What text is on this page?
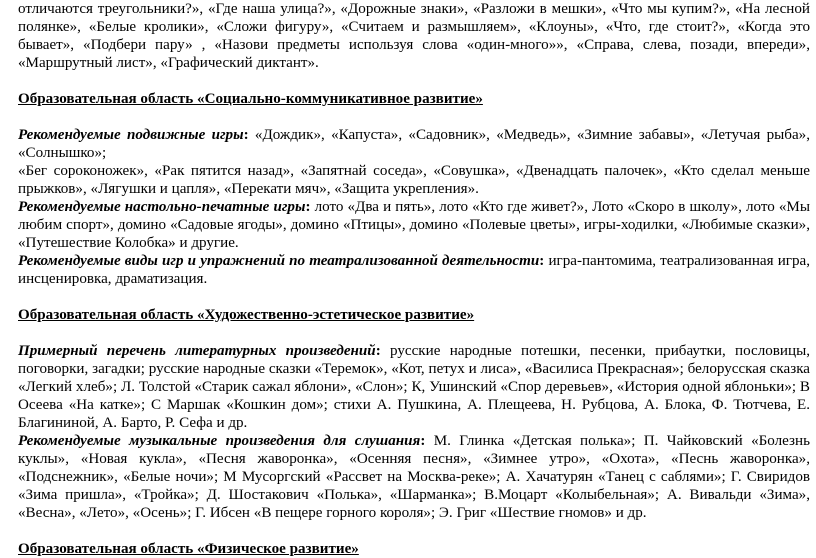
отличаются треугольники?», «Где наша улица?», «Дорожные знаки», «Разложи в мешки», «Что мы купим?», «На лесной полянке», «Белые кролики», «Сложи фигуру», «Считаем и размышляем», «Клоуны», «Что, где стоит?», «Когда это бывает», «Подбери пару» , «Назови предметы используя слова «один-много»», «Справа, слева, позади, впереди», «Маршрутный лист», «Графический диктант».

Образовательная область «Социально-коммуникативное развитие»

Рекомендуемые подвижные игры: «Дождик», «Капуста», «Садовник», «Медведь», «Зимние забавы», «Летучая рыба», «Солнышко»;

«Бег сороконожек», «Рак пятится назад», «Запятнай соседа», «Совушка», «Двенадцать палочек», «Кто сделал меньше прыжков», «Лягушки и цапля», «Перекати мяч», «Защита укрепления».

Рекомендуемые настольно-печатные игры: лото «Два и пять», лото «Кто где живет?», Лото «Скоро в школу», лото «Мы любим спорт», домино «Садовые ягоды», домино «Птицы», домино «Полевые цветы», игры-ходилки, «Любимые сказки», «Путешествие Колобка» и другие.

Рекомендуемые виды игр и упражнений по театрализованной деятельности: игра-пантомима, театрализованная игра, инсценировка, драматизация.

Образовательная область «Художественно-эстетическое развитие»

Примерный перечень литературных произведений: русские народные потешки, песенки, прибаутки, пословицы, поговорки, загадки; русские народные сказки «Теремок», «Кот, петух и лиса», «Василиса Прекрасная»; белорусская сказка «Легкий хлеб»; Л. Толстой «Старик сажал яблони», «Слон»; К, Ушинский «Спор деревьев», «История одной яблоньки»; В Осеева «На катке»; С Маршак «Кошкин дом»; стихи А. Пушкина, А. Плещеева, Н. Рубцова, А. Блока, Ф. Тютчева, Е. Благининой, А. Барто, Р. Сефа и др.

Рекомендуемые музыкальные произведения для слушания: М. Глинка «Детская полька»; П. Чайковский «Болезнь куклы», «Новая кукла», «Песня жаворонка», «Осенняя песня», «Зимнее утро», «Охота», «Песнь жаворонка», «Подснежник», «Белые ночи»; М Мусоргский «Рассвет на Москва-реке»; А. Хачатурян «Танец с саблями»; Г. Свиридов «Зима пришла», «Тройка»; Д. Шостакович «Полька», «Шарманка»; В.Моцарт «Колыбельная»; А. Вивальди «Зима», «Весна», «Лето», «Осень»; Г. Ибсен «В пещере горного короля»; Э. Григ «Шествие гномов» и др.

Образовательная область «Физическое развитие»
